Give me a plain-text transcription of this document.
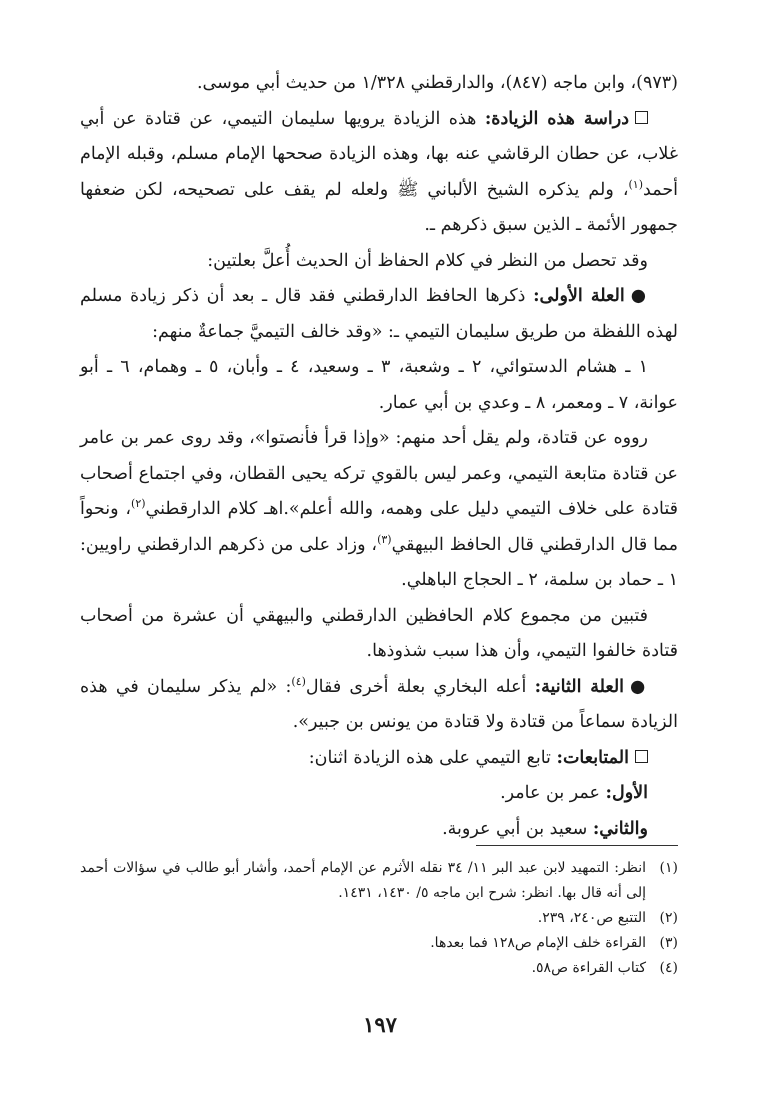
(٩٧٣)، وابن ماجه (٨٤٧)، والدارقطني ١/٣٢٨ من حديث أبي موسى.

دراسة هذه الزيادة: هذه الزيادة يرويها سليمان التيمي، عن قتادة عن أبي غلاب، عن حطان الرقاشي عنه بها، وهذه الزيادة صححها الإمام مسلم، وقبله الإمام أحمد$^{(١)}$، ولم يذكره الشيخ الألباني ﷺ ولعله لم يقف على تصحيحه، لكن ضعفها جمهور الأئمة ـ الذين سبق ذكرهم ـ.

وقد تحصل من النظر في كلام الحفاظ أن الحديث أُعلَّ بعلتين:

●العلة الأولى: ذكرها الحافظ الدارقطني فقد قال ـ بعد أن ذكر زيادة مسلم لهذه اللفظة من طريق سليمان التيمي ـ: «وقد خالف التيميَّ جماعةٌ منهم:

١ ـ هشام الدستوائي، ٢ ـ وشعبة، ٣ ـ وسعيد، ٤ ـ وأبان، ٥ ـ وهمام، ٦ ـ أبو عوانة، ٧ ـ ومعمر، ٨ ـ وعدي بن أبي عمار.

رووه عن قتادة، ولم يقل أحد منهم: «وإذا قرأ فأنصتوا»، وقد روى عمر بن عامر عن قتادة متابعة التيمي، وعمر ليس بالقوي تركه يحيى القطان، وفي اجتماع أصحاب قتادة على خلاف التيمي دليل على وهمه، والله أعلم».اهـ كلام الدارقطني$^{(٢)}$، ونحواً مما قال الدارقطني قال الحافظ البيهقي$^{(٣)}$، وزاد على من ذكرهم الدارقطني راويين: ١ ـ حماد بن سلمة، ٢ ـ الحجاج الباهلي.

فتبين من مجموع كلام الحافظين الدارقطني والبيهقي أن عشرة من أصحاب قتادة خالفوا التيمي، وأن هذا سبب شذوذها.

●العلة الثانية: أعله البخاري بعلة أخرى فقال$^{(٤)}$: «لم يذكر سليمان في هذه الزيادة سماعاً من قتادة ولا قتادة من يونس بن جبير».

المتابعات: تابع التيمي على هذه الزيادة اثنان:

الأول: عمر بن عامر.

والثاني: سعيد بن أبي عروبة.

(١)
انظر: التمهيد لابن عبد البر ١١/ ٣٤ نقله الأثرم عن الإمام أحمد، وأشار أبو طالب في سؤالات أحمد إلى أنه قال بها. انظر: شرح ابن ماجه ٥/ ١٤٣٠، ١٤٣١.
(٢)
التتبع ص٢٤٠، ٢٣٩.
(٣)
القراءة خلف الإمام ص١٢٨ فما بعدها.
(٤)
كتاب القراءة ص٥٨.
١٩٧
